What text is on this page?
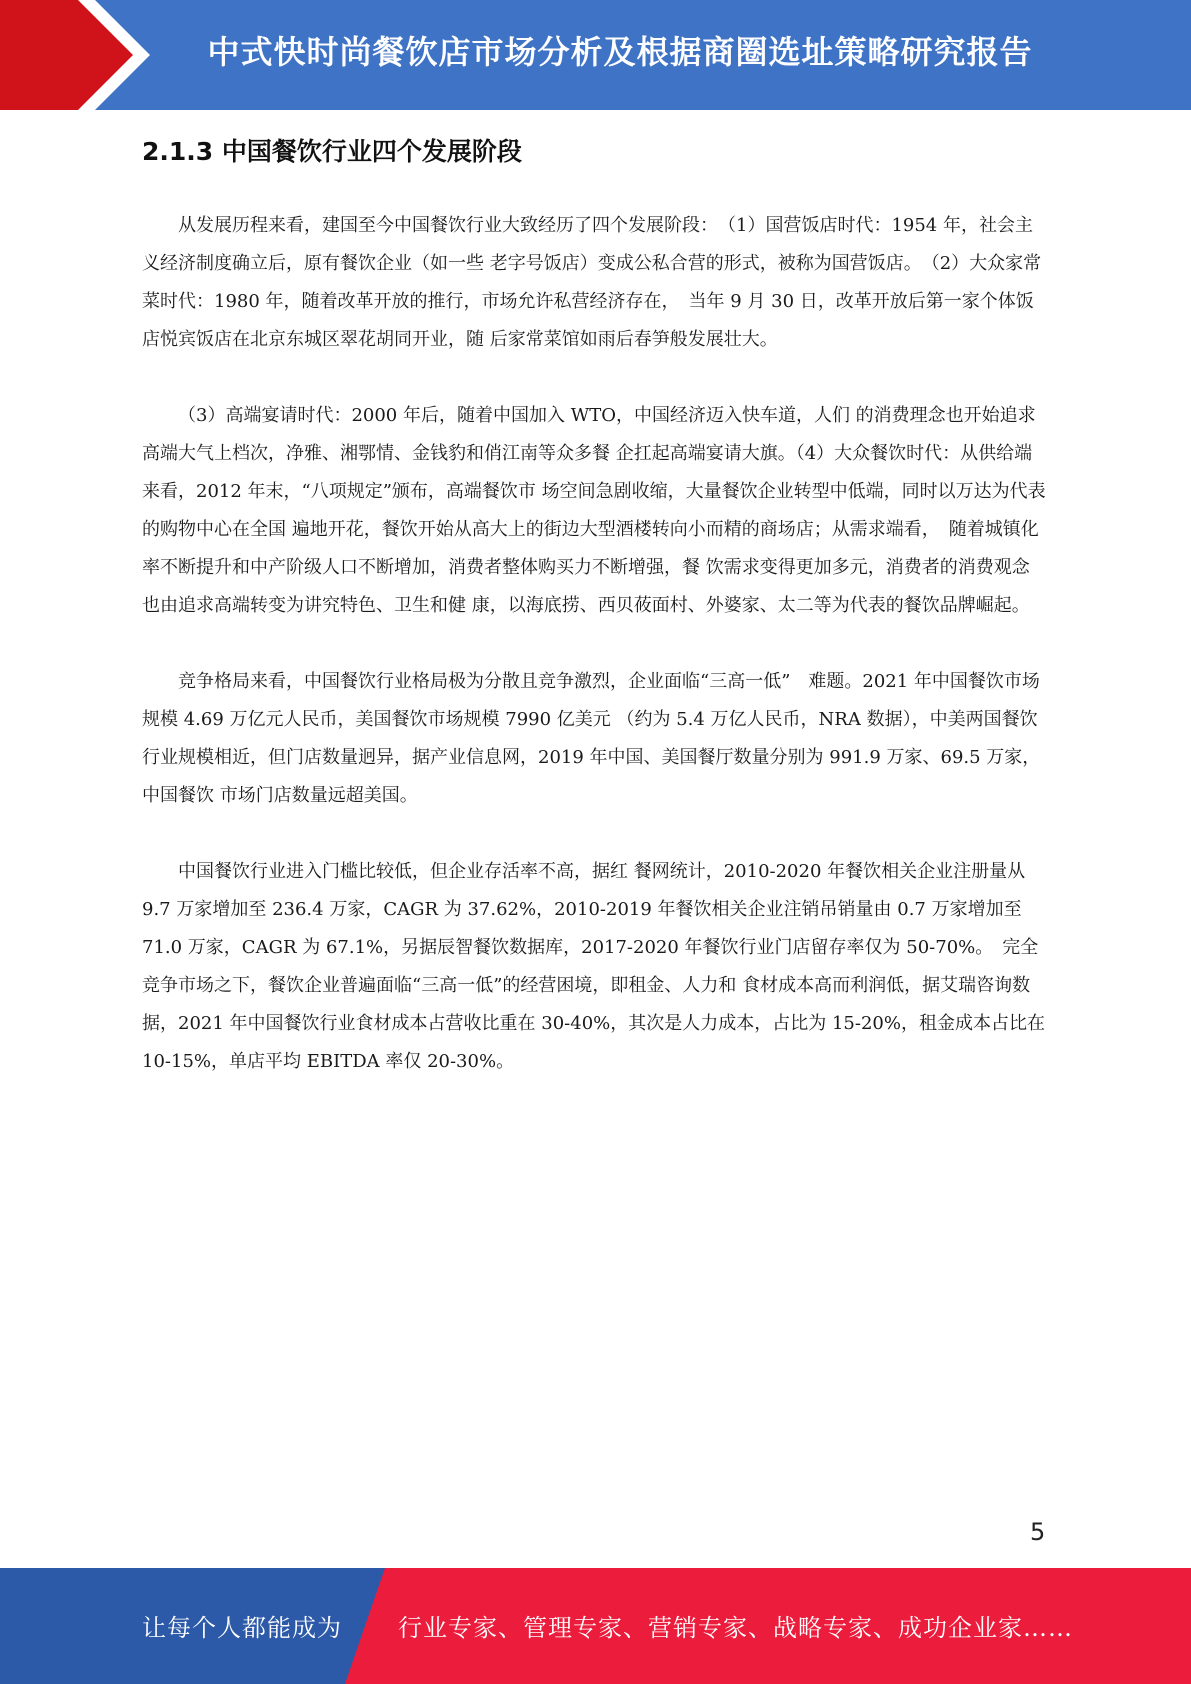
中式快时尚餐饮店市场分析及根据商圈选址策略研究报告
2.1.3 中国餐饮行业四个发展阶段

从发展历程来看，建国至今中国餐饮行业大致经历了四个发展阶段：　（1）国营饭店时代：1954 年，社会主义经济制度确立后，原有餐饮企业（如一些 老字号饭店）变成公私合营的形式，被称为国营饭店。　（2）大众家常菜时代：1980 年，随着改革开放的推行，市场允许私营经济存在，　当年 9 月 30 日，改革开放后第一家个体饭店悦宾饭店在北京东城区翠花胡同开业，随 后家常菜馆如雨后春笋般发展壮大。

（3）高端宴请时代：2000 年后，随着中国加入 WTO，中国经济迈入快车道，人们 的消费理念也开始追求高端大气上档次，净雅、湘鄂情、金钱豹和俏江南等众多餐 企扛起高端宴请大旗。（4）大众餐饮时代：从供给端来看，2012 年末，“八项规定”颁布，高端餐饮市 场空间急剧收缩，大量餐饮企业转型中低端，同时以万达为代表的购物中心在全国 遍地开花，餐饮开始从高大上的街边大型酒楼转向小而精的商场店；从需求端看，　随着城镇化率不断提升和中产阶级人口不断增加，消费者整体购买力不断增强，餐 饮需求变得更加多元，消费者的消费观念也由追求高端转变为讲究特色、卫生和健 康，以海底捞、西贝莜面村、外婆家、太二等为代表的餐饮品牌崛起。

竞争格局来看，中国餐饮行业格局极为分散且竞争激烈，企业面临“三高一低”　难题。2021 年中国餐饮市场规模 4.69 万亿元人民币，美国餐饮市场规模 7990 亿美元 （约为 5.4 万亿人民币，NRA 数据），中美两国餐饮行业规模相近，但门店数量迥异，据产业信息网，2019 年中国、美国餐厅数量分别为 991.9 万家、69.5 万家，中国餐饮 市场门店数量远超美国。

中国餐饮行业进入门槛比较低，但企业存活率不高，据红 餐网统计，2010-2020 年餐饮相关企业注册量从 9.7 万家增加至 236.4 万家，CAGR 为 37.62%，2010-2019 年餐饮相关企业注销吊销量由 0.7 万家增加至 71.0 万家，CAGR 为 67.1%，另据辰智餐饮数据库，2017-2020 年餐饮行业门店留存率仅为 50-70%。　完全竞争市场之下，餐饮企业普遍面临“三高一低”的经营困境，即租金、人力和 食材成本高而利润低，据艾瑞咨询数据，2021 年中国餐饮行业食材成本占营收比重在 30-40%，其次是人力成本，占比为 15-20%，租金成本占比在 10-15%，单店平均 EBITDA 率仅 20-30%。

5
让每个人都能成为 行业专家、管理专家、营销专家、战略专家、成功企业家……
